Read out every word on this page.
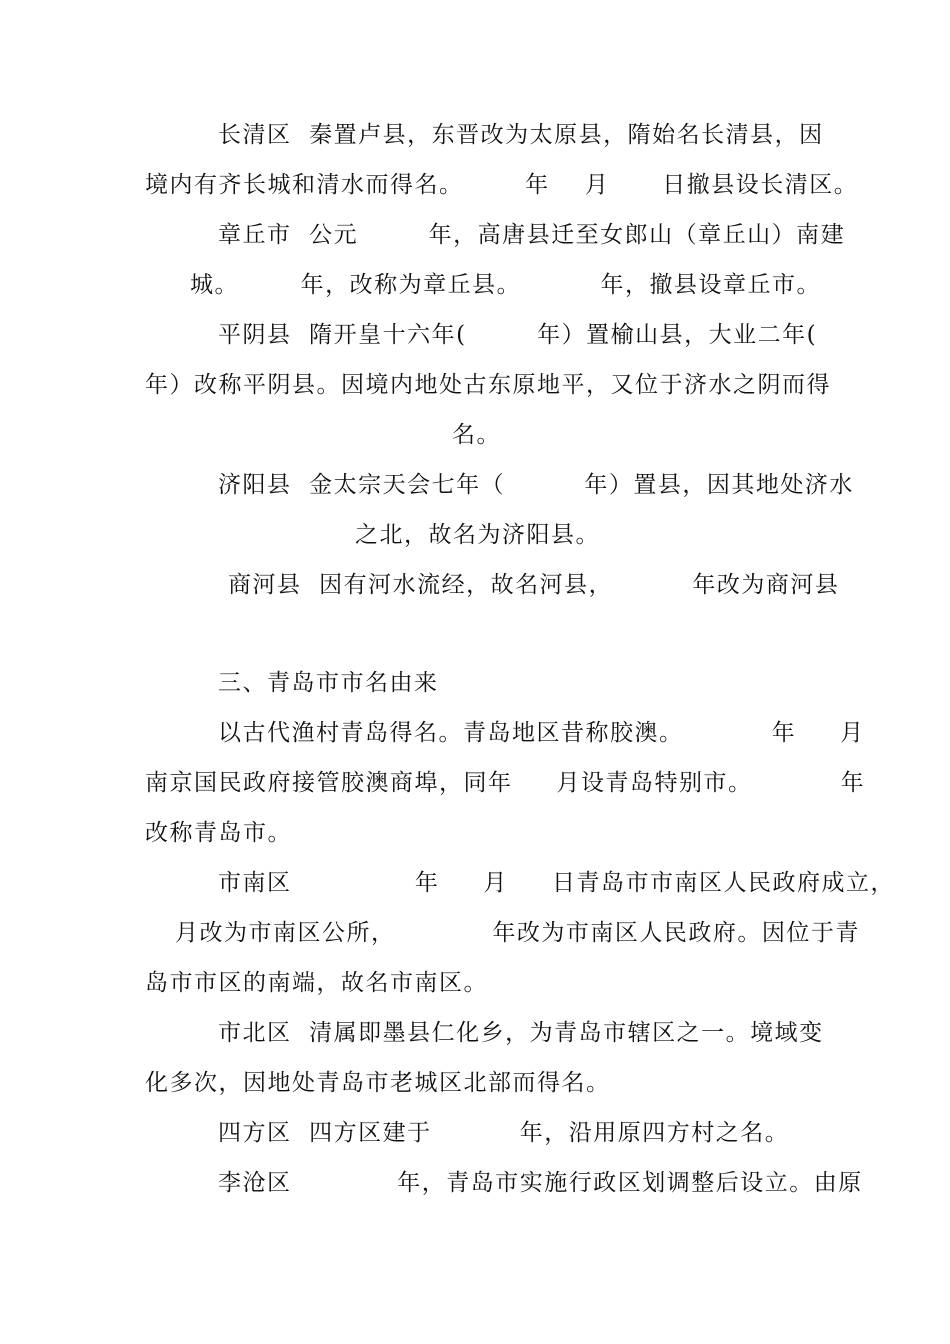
长清区  秦置卢县，东晋改为太原县，隋始名长清县，因
境内有齐长城和清水而得名。       年    月      日撤县设长清区。
章丘市  公元        年，高唐县迁至女郎山（章丘山）南建
城。       年，改称为章丘县。         年，撤县设章丘市。
平阴县  隋开皇十六年(        年）置榆山县，大业二年(
年）改称平阴县。因境内地处古东原地平，又位于济水之阴而得
名。
济阳县  金太宗天会七年（         年）置县，因其地处济水
之北，故名为济阳县。
商河县  因有河水流经，故名河县，         年改为商河县
三、青岛市市名由来
以古代渔村青岛得名。青岛地区昔称胶澳。          年     月
南京国民政府接管胶澳商埠，同年     月设青岛特别市。          年
改称青岛市。
市南区              年     月     日青岛市市南区人民政府成立，
月改为市南区公所，           年改为市南区人民政府。因位于青
岛市市区的南端，故名市南区。
市北区  清属即墨县仁化乡，为青岛市辖区之一。境域变
化多次，因地处青岛市老城区北部而得名。
四方区  四方区建于          年，沿用原四方村之名。
李沧区            年，青岛市实施行政区划调整后设立。由原
